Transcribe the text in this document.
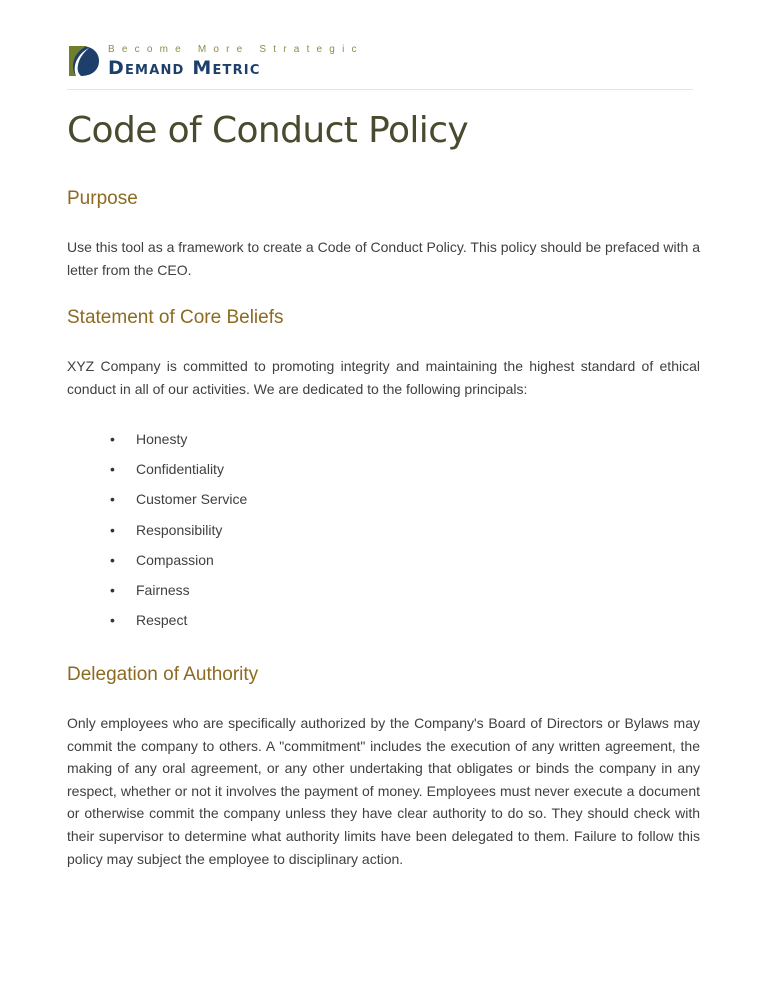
Become More Strategic
Demand Metric
Code of Conduct Policy
Purpose

Use this tool as a framework to create a Code of Conduct Policy. This policy should be prefaced with a letter from the CEO.

Statement of Core Beliefs

XYZ Company is committed to promoting integrity and maintaining the highest standard of ethical conduct in all of our activities. We are dedicated to the following principals:

• Honesty
• Confidentiality
• Customer Service
• Responsibility
• Compassion
• Fairness
• Respect
Delegation of Authority

Only employees who are specifically authorized by the Company's Board of Directors or Bylaws may commit the company to others. A "commitment" includes the execution of any written agreement, the making of any oral agreement, or any other undertaking that obligates or binds the company in any respect, whether or not it involves the payment of money. Employees must never execute a document or otherwise commit the company unless they have clear authority to do so. They should check with their supervisor to determine what authority limits have been delegated to them. Failure to follow this policy may subject the employee to disciplinary action.
